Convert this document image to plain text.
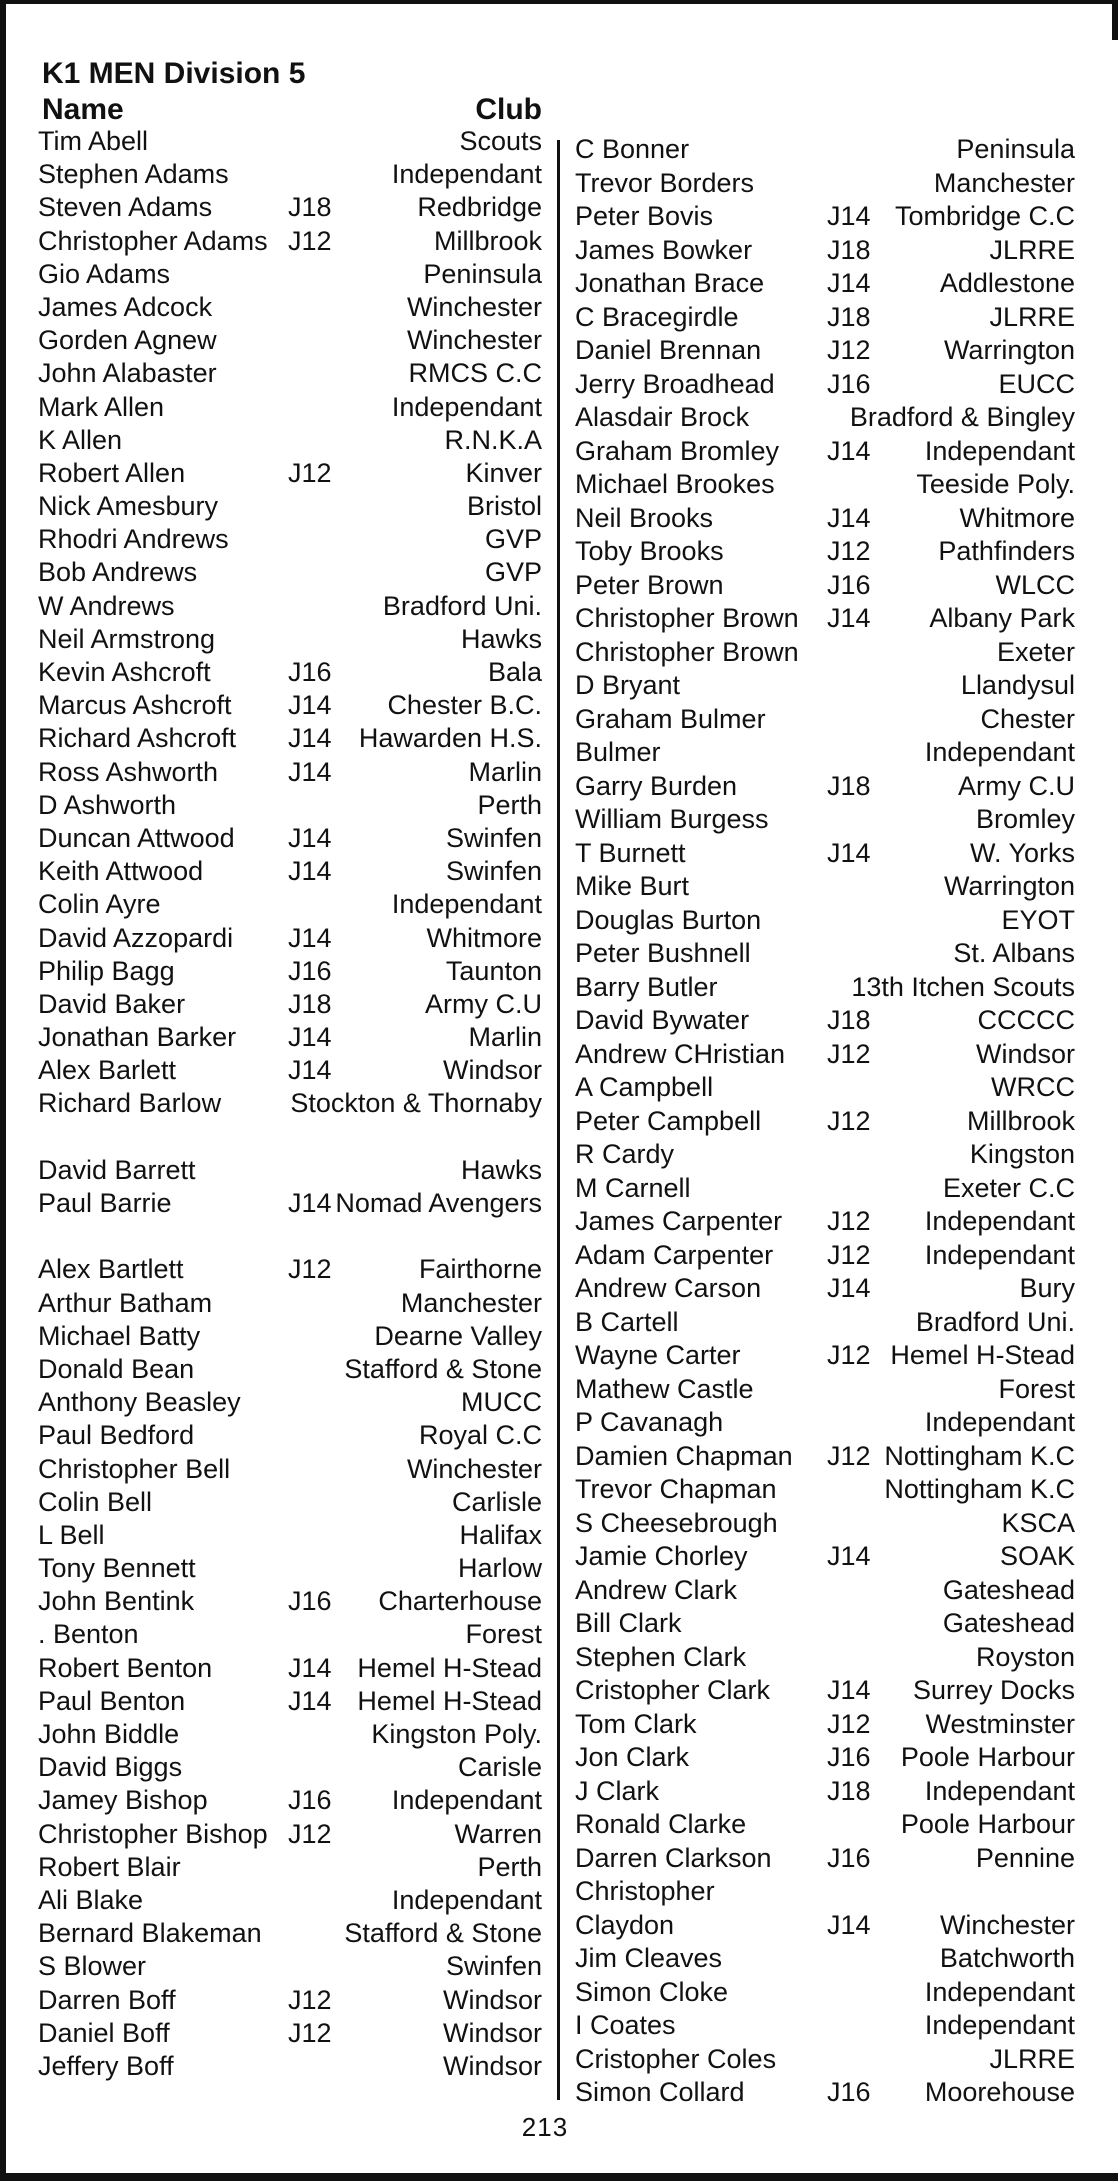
K1 MEN Division 5
Name	Club
Tim Abell	Scouts
Stephen Adams	Independant
Steven Adams	J18	Redbridge
Christopher Adams J12	Millbrook
Gio Adams	Peninsula
James Adcock	Winchester
Gorden Agnew	Winchester
John Alabaster	RMCS C.C
Mark Allen	Independant
K Allen	R.N.K.A
Robert Allen	J12	Kinver
Nick Amesbury	Bristol
Rhodri Andrews	GVP
Bob Andrews	GVP
W Andrews	Bradford Uni.
Neil Armstrong	Hawks
Kevin Ashcroft	J16	Bala
Marcus Ashcroft J14	Chester B.C.
Richard Ashcroft J14	Hawarden H.S.
Ross Ashworth	J14	Marlin
D Ashworth	Perth
Duncan Attwood J14	Swinfen
Keith Attwood	J14	Swinfen
Colin Ayre	Independant
David Azzopardi J14	Whitmore
Philip Bagg	J16	Taunton
David Baker	J18	Army C.U
Jonathan Barker J14	Marlin
Alex Barlett	J14	Windsor
Richard Barlow	Stockton & Thornaby
David Barrett	Hawks
Paul Barrie	J14 Nomad Avengers
Alex Bartlett	J12	Fairthorne
Arthur Batham	Manchester
Michael Batty	Dearne Valley
Donald Bean	Stafford & Stone
Anthony Beasley	MUCC
Paul Bedford	Royal C.C
Christopher Bell	Winchester
Colin Bell	Carlisle
L Bell	Halifax
Tony Bennett	Harlow
John Bentink	J16	Charterhouse
. Benton	Forest
Robert Benton	J14 Hemel H-Stead
Paul Benton	J14 Hemel H-Stead
John Biddle	Kingston Poly.
David Biggs	Carisle
Jamey Bishop	J16	Independant
Christopher Bishop J12	Warren
Robert Blair	Perth
Ali Blake	Independant
Bernard Blakeman	Stafford & Stone
S Blower	Swinfen
Darren Boff	J12	Windsor
Daniel Boff	J12	Windsor
Jeffery Boff	Windsor
C Bonner	Peninsula
Trevor Borders	Manchester
Peter Bovis	J14 Tombridge C.C
James Bowker	J18	JLRRE
Jonathan Brace J14	Addlestone
C Bracegirdle	J18	JLRRE
Daniel Brennan J12	Warrington
Jerry Broadhead J16	EUCC
Alasdair Brock	Bradford & Bingley
Graham Bromley J14	Independant
Michael Brookes	Teeside Poly.
Neil Brooks	J14	Whitmore
Toby Brooks	J12	Pathfinders
Peter Brown	J16	WLCC
Christopher Brown J14	Albany Park
Christopher Brown	Exeter
D Bryant	Llandysul
Graham Bulmer	Chester
Bulmer	Independant
Garry Burden	J18	Army C.U
William Burgess	Bromley
T Burnett	J14	W. Yorks
Mike Burt	Warrington
Douglas Burton	EYOT
Peter Bushnell	St. Albans
Barry Butler	13th Itchen Scouts
David Bywater	J18	CCCCC
Andrew CHristian J12	Windsor
A Campbell	WRCC
Peter Campbell J12	Millbrook
R Cardy	Kingston
M Carnell	Exeter C.C
James Carpenter J12	Independant
Adam Carpenter J12	Independant
Andrew Carson J14	Bury
B Cartell	Bradford Uni.
Wayne Carter	J12 Hemel H-Stead
Mathew Castle	Forest
P Cavanagh	Independant
Damien Chapman J12 Nottingham K.C
Trevor Chapman	Nottingham K.C
S Cheesebrough	KSCA
Jamie Chorley	J14	SOAK
Andrew Clark	Gateshead
Bill Clark	Gateshead
Stephen Clark	Royston
Cristopher Clark J14	Surrey Docks
Tom Clark	J12	Westminster
Jon Clark	J16	Poole Harbour
J Clark	J18	Independant
Ronald Clarke	Poole Harbour
Darren Clarkson J16	Pennine
Christopher
Claydon	J14	Winchester
Jim Cleaves	Batchworth
Simon Cloke	Independant
I Coates	Independant
Cristopher Coles	JLRRE
Simon Collard	J16	Moorehouse
213
